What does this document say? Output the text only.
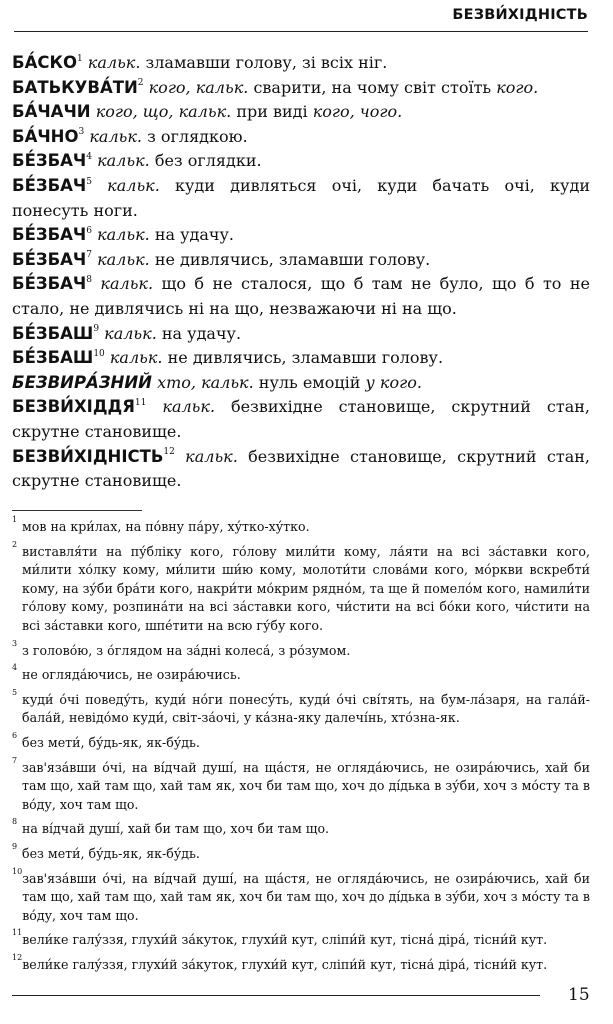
БЕЗВИ́ХІДНІСТЬ

БА́СКО$^1$ кальк. зламавши голову, зі всіх ніг.

БАТЬКУВА́ТИ$^2$ кого, кальк. сварити, на чому світ стоїть кого.

БА́ЧАЧИ кого, що, кальк. при виді кого, чого.

БА́ЧНО$^3$ кальк. з оглядкою.

БЕ́ЗБАЧ$^4$ кальк. без оглядки.

БЕ́ЗБАЧ$^5$ кальк. куди дивляться очі, куди бачать очі, куди понесуть ноги.

БЕ́ЗБАЧ$^6$ кальк. на удачу.

БЕ́ЗБАЧ$^7$ кальк. не дивлячись, зламавши голову.

БЕ́ЗБАЧ$^8$ кальк. що б не сталося, що б там не було, що б то не стало, не дивлячись ні на що, незважаючи ні на що.

БЕ́ЗБАШ$^9$ кальк. на удачу.

БЕ́ЗБАШ$^{10}$ кальк. не дивлячись, зламавши голову.

БЕЗВИРА́ЗНИЙ хто, кальк. нуль емоцій у кого.

БЕЗВИ́ХІДДЯ$^{11}$ кальк. безвихідне становище, скрутний стан, скрутне становище.

БЕЗВИ́ХІДНІСТЬ$^{12}$ кальк. безвихідне становище, скрутний стан, скрутне становище.

1 мов на кри́лах, на по́вну па́ру, ху́тко-ху́тко.
2 виставля́ти на пу́бліку кого, го́лову мили́ти кому, ла́яти на всі за́ставки кого, ми́лити хо́лку кому, ми́лити ши́ю кому, молоти́ти слова́ми кого, мо́ркви вскребти́ кому, на зу́би бра́ти кого, накри́ти мо́крим рядно́м, та ще й помело́м кого, намили́ти го́лову кому, розпина́ти на всі за́ставки кого, чи́стити на всі бо́ки кого, чи́стити на всі за́ставки кого, шпе́тити на всю гу́бу кого.
3 з голово́ю, з о́глядом на за́дні колеса́, з ро́зумом.
4 не огляда́ючись, не озира́ючись.
5 куди́ о́чі поведу́ть, куди́ но́ги понесу́ть, куди́ о́чі сві́тять, на бум-ла́заря, на гала́й-бала́й, невідо́мо куди́, світ-за́очі, у ка́зна-яку далечі́нь, хто́зна-як.
6 без мети́, бу́дь-як, як-бу́дь.
7 зав'яза́вши о́чі, на ві́дчай душі́, на ща́стя, не огляда́ючись, не озира́ючись, хай би там що, хай там що, хай там як, хоч би там що, хоч до ді́дька в зу́би, хоч з мо́сту та в во́ду, хоч там що.
8 на ві́дчай душі́, хай би там що, хоч би там що.
9 без мети́, бу́дь-як, як-бу́дь.
10 зав'яза́вши о́чі, на ві́дчай душі́, на ща́стя, не огляда́ючись, не озира́ючись, хай би там що, хай там що, хай там як, хоч би там що, хоч до ді́дька в зу́би, хоч з мо́сту та в во́ду, хоч там що.
11 вели́ке галу́ззя, глухи́й за́куток, глухи́й кут, сліпи́й кут, тісна́ діра́, тісни́й кут.
12 вели́ке галу́ззя, глухи́й за́куток, глухи́й кут, сліпи́й кут, тісна́ діра́, тісни́й кут.
15
